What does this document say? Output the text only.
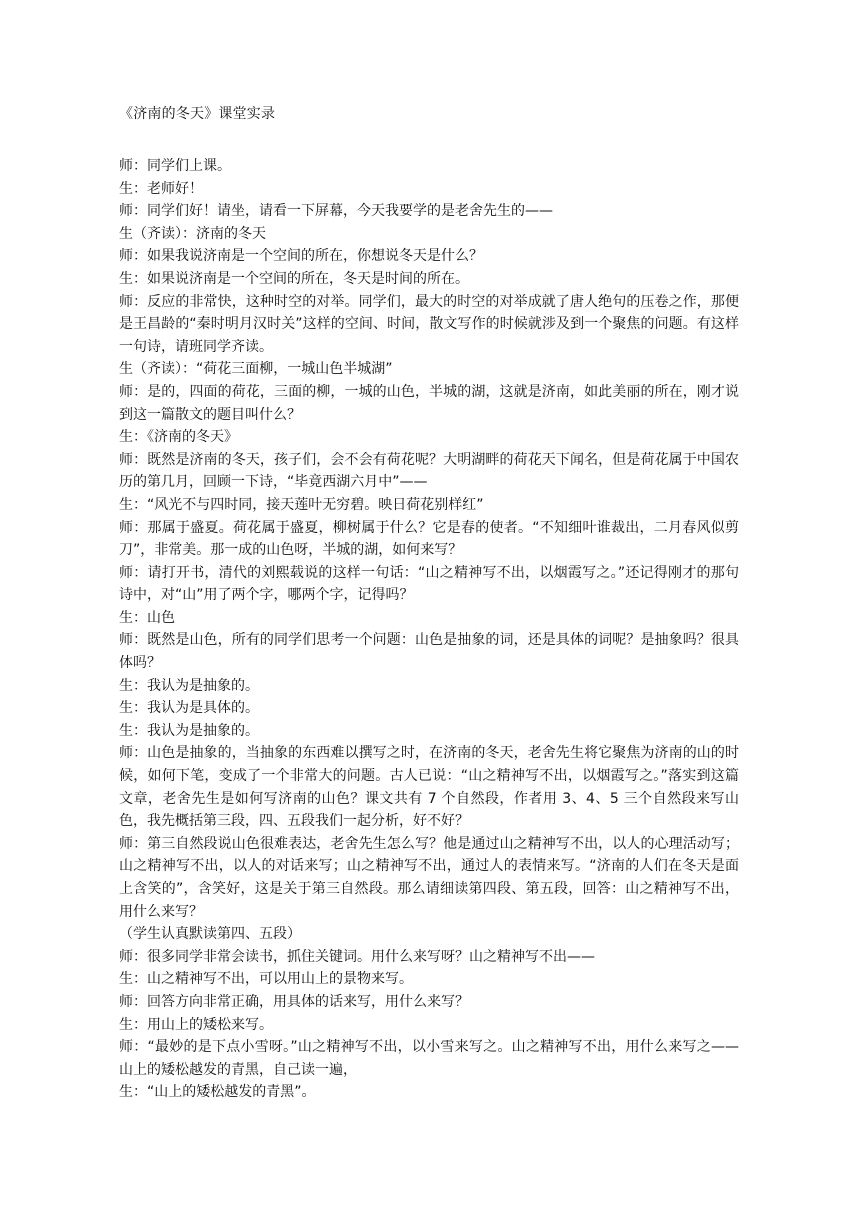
《济南的冬天》课堂实录

师：同学们上课。

生：老师好！

师：同学们好！请坐，请看一下屏幕，今天我要学的是老舍先生的——

生（齐读）：济南的冬天

师：如果我说济南是一个空间的所在，你想说冬天是什么？

生：如果说济南是一个空间的所在，冬天是时间的所在。

师：反应的非常快，这种时空的对举。同学们，最大的时空的对举成就了唐人绝句的压卷之作，那便是王昌龄的“秦时明月汉时关”这样的空间、时间，散文写作的时候就涉及到一个聚焦的问题。有这样一句诗，请班同学齐读。

生（齐读）：“荷花三面柳，一城山色半城湖”

师：是的，四面的荷花，三面的柳，一城的山色，半城的湖，这就是济南，如此美丽的所在，刚才说到这一篇散文的题目叫什么？

生：《济南的冬天》

师：既然是济南的冬天，孩子们，会不会有荷花呢？大明湖畔的荷花天下闻名，但是荷花属于中国农历的第几月，回顾一下诗，“毕竟西湖六月中”——

生：“风光不与四时同，接天莲叶无穷碧。映日荷花别样红”

师：那属于盛夏。荷花属于盛夏，柳树属于什么？它是春的使者。“不知细叶谁裁出，二月春风似剪刀”，非常美。那一成的山色呀，半城的湖，如何来写？

师：请打开书，清代的刘熙载说的这样一句话：“山之精神写不出，以烟霞写之。”还记得刚才的那句诗中，对“山”用了两个字，哪两个字，记得吗？

生：山色

师：既然是山色，所有的同学们思考一个问题：山色是抽象的词，还是具体的词呢？是抽象吗？很具体吗？

生：我认为是抽象的。

生：我认为是具体的。

生：我认为是抽象的。

师：山色是抽象的，当抽象的东西难以撰写之时，在济南的冬天，老舍先生将它聚焦为济南的山的时候，如何下笔，变成了一个非常大的问题。古人已说：“山之精神写不出，以烟霞写之。”落实到这篇文章，老舍先生是如何写济南的山色？课文共有 7 个自然段，作者用 3、4、5 三个自然段来写山色，我先概括第三段，四、五段我们一起分析，好不好？

师：第三自然段说山色很难表达，老舍先生怎么写？他是通过山之精神写不出，以人的心理活动写；山之精神写不出，以人的对话来写；山之精神写不出，通过人的表情来写。“济南的人们在冬天是面上含笑的”，含笑好，这是关于第三自然段。那么请细读第四段、第五段，回答：山之精神写不出，用什么来写？

（学生认真默读第四、五段）

师：很多同学非常会读书，抓住关键词。用什么来写呀？山之精神写不出——

生：山之精神写不出，可以用山上的景物来写。

师：回答方向非常正确，用具体的话来写，用什么来写？

生：用山上的矮松来写。

师：“最妙的是下点小雪呀。”山之精神写不出，以小雪来写之。山之精神写不出，用什么来写之——山上的矮松越发的青黑，自己读一遍，

生：“山上的矮松越发的青黑”。
